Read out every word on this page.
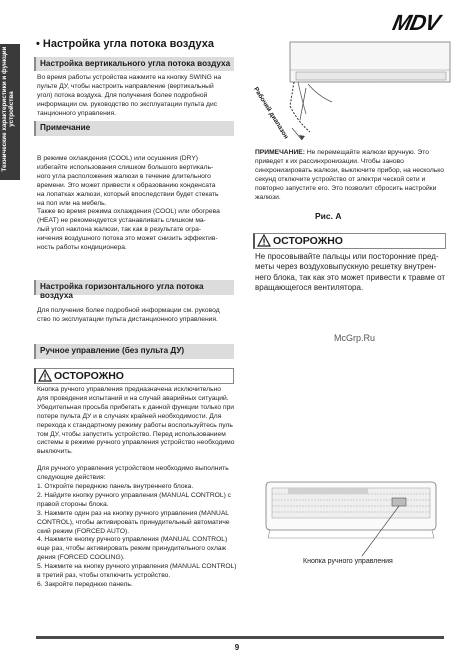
Технические характеристики и функции устройства
MDV
• Настройка угла потока воздуха
Настройка вертикального угла потока воздуха
Во время работы устройства нажмите на кнопку SWING на
пульте ДУ, чтобы настроить направление (вертикальный
угол) потока воздуха. Для получения более подробной
информации см. руководство по эксплуатации пульта дис
танционного управления.
Примечание
В режиме охлаждения (COOL) или осушения (DRY)
избегайте использования слишком большого вертикаль-
ного угла расположения жалюзи в течение длительного
времени. Это может привести к образованию конденсата
на лопатках жалюзи, который впоследствии будет стекать
на пол или на мебель.
Также во время режима охлаждения (COOL) или обогрева
(HEAT) не рекомендуется устанавливать слишком ма-
лый угол наклона жалюзи, так как в результате огра-
ничения воздушного потока это может снизить эффектив-
ность работы кондиционера.
Настройка горизонтального угла потока воздуха
Для получения более подробной информации см. руковод
ство по эксплуатации пульта дистанционного управления.
Ручное управление (без пульта ДУ)
ОСТОРОЖНО
Кнопка ручного управления предназначена исключительно
для проведения испытаний и на случай аварийных ситуаций.
Убедительная просьба прибегать к данной функции только при
потере пульта ДУ и в случаях крайней необходимости. Для
перехода к стандартному режиму работы воспользуйтесь пуль
том ДУ, чтобы запустить устройство. Перед использованием
системы в режиме ручного управления устройство необходимо
выключить.
Для ручного управления устройством необходимо выполнить
следующие действия:
1. Откройте переднюю панель внутреннего блока.
2. Найдите кнопку ручного управления (MANUAL CONTROL) с
правой стороны блока.
3. Нажмите один раз на кнопку ручного управления (MANUAL
CONTROL), чтобы активировать принудительный автоматиче
ский режим (FORCED AUTO).
4. Нажмите кнопку ручного управления (MANUAL CONTROL)
еще раз, чтобы активировать режим принудительного охлаж
дения (FORCED COOLING).
5. Нажмите на кнопку ручного управления (MANUAL CONTROL)
в третий раз, чтобы отключить устройство.
6. Закройте переднюю панель.
Рабочий диапазон
ПРИМЕЧАНИЕ: Не перемещайте жалюзи вручную. Это приведет к их рассинхронизации. Чтобы заново синхронизировать жалюзи, выключите прибор, на несколько секунд отключите устройство от электри ческой сети и повторно запустите его. Это позволит сбросить настройки жалюзи.
Рис. А
ОСТОРОЖНО
Не просовывайте пальцы или посторонние пред- меты через воздуховыпускную решетку внутрен- него блока, так как это может привести к травме от вращающегося вентилятора.
McGrp.Ru
Кнопка ручного управления
9
